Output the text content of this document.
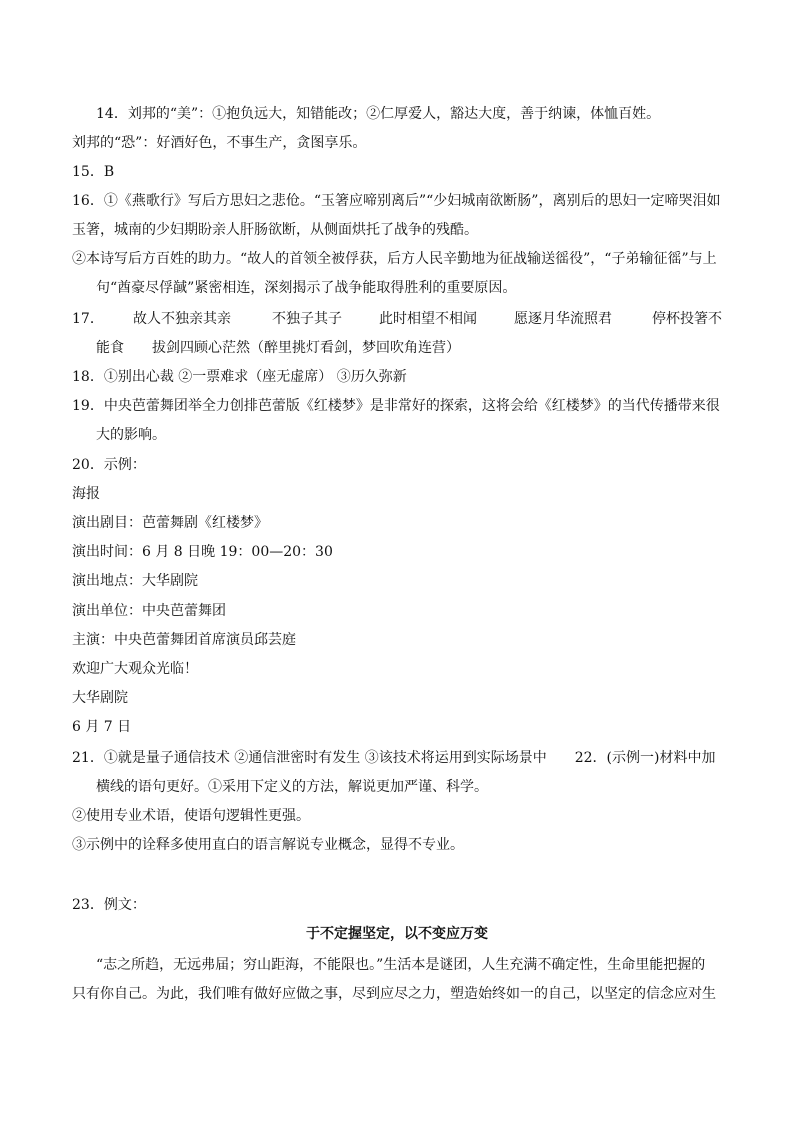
14．刘邦的“美”：①抱负远大，知错能改；②仁厚爱人，豁达大度，善于纳谏，体恤百姓。
刘邦的“恐”：好酒好色，不事生产，贪图享乐。
15．B
16．①《燕歌行》写后方思妇之悲伧。“玉箸应啼别离后”“少妇城南欲断肠”，离别后的思妇一定啼哭泪如
玉箸，城南的少妇期盼亲人肝肠欲断，从侧面烘托了战争的残酷。
②本诗写后方百姓的助力。“故人的首领全被俘获，后方人民辛勤地为征战输送徭役”，“子弟输征徭”与上
句“酋豪尽俘馘”紧密相连，深刻揭示了战争能取得胜利的重要原因。
17． 故人不独亲其亲	不独子其子	此时相望不相闻	愿逐月华流照君	停杯投箸不
能食　　拔剑四顾心茫然（醉里挑灯看剑，梦回吹角连营）
18．①别出心裁 ②一票难求（座无虚席） ③历久弥新
19．中央芭蕾舞团举全力创排芭蕾版《红楼梦》是非常好的探索，这将会给《红楼梦》的当代传播带来很
大的影响。
20．示例：
海报
演出剧目：芭蕾舞剧《红楼梦》
演出时间：6 月 8 日晚 19：00—20：30
演出地点：大华剧院
演出单位：中央芭蕾舞团
主演：中央芭蕾舞团首席演员邱芸庭
欢迎广大观众光临！
大华剧院
6 月 7 日
21．①就是量子通信技术 ②通信泄密时有发生 ③该技术将运用到实际场景中　　22．(示例一)材料中加
横线的语句更好。①采用下定义的方法，解说更加严谨、科学。
②使用专业术语，使语句逻辑性更强。
③示例中的诠释多使用直白的语言解说专业概念，显得不专业。
23．例文：
于不定握坚定，以不变应万变
“志之所趋，无远弗届；穷山距海，不能限也。”生活本是谜团，人生充满不确定性，生命里能把握的
只有你自己。为此，我们唯有做好应做之事，尽到应尽之力，塑造始终如一的自己，以坚定的信念应对生
